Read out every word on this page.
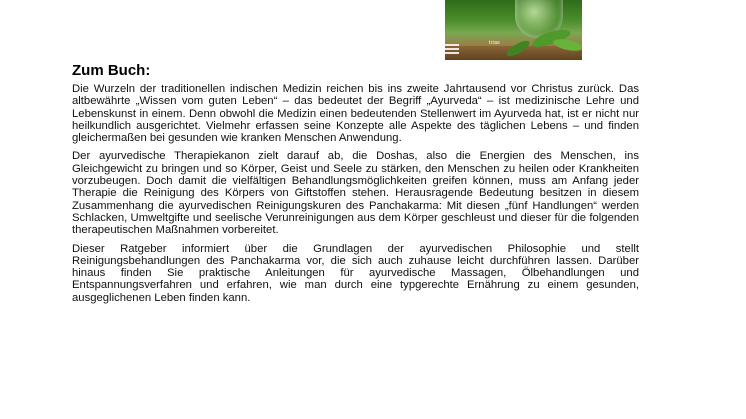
trias
Zum Buch:

Die Wurzeln der traditionellen indischen Medizin reichen bis ins zweite Jahrtausend vor Christus zurück. Das altbewährte „Wissen vom guten Leben“ – das bedeutet der Begriff „Ayurveda“ – ist medizinische Lehre und Lebenskunst in einem. Denn obwohl die Medizin einen bedeutenden Stellenwert im Ayurveda hat, ist er nicht nur heilkundlich ausgerichtet. Vielmehr erfassen seine Konzepte alle Aspekte des täglichen Lebens – und finden gleichermaßen bei gesunden wie kranken Menschen Anwendung.

Der ayurvedische Therapiekanon zielt darauf ab, die Doshas, also die Energien des Menschen, ins Gleichgewicht zu bringen und so Körper, Geist und Seele zu stärken, den Menschen zu heilen oder Krankheiten vorzubeugen. Doch damit die vielfältigen Behandlungsmöglichkeiten greifen können, muss am Anfang jeder Therapie die Reinigung des Körpers von Giftstoffen stehen. Herausragende Bedeutung besitzen in diesem Zusammenhang die ayurvedischen Reinigungskuren des Panchakarma: Mit diesen „fünf Handlungen“ werden Schlacken, Umweltgifte und seelische Verunreinigungen aus dem Körper geschleust und dieser für die folgenden therapeutischen Maßnahmen vorbereitet.

Dieser Ratgeber informiert über die Grundlagen der ayurvedischen Philosophie und stellt Reinigungsbehandlungen des Panchakarma vor, die sich auch zuhause leicht durchführen lassen. Darüber hinaus finden Sie praktische Anleitungen für ayurvedische Massagen, Ölbehandlungen und Entspannungsverfahren und erfahren, wie man durch eine typgerechte Ernährung zu einem gesunden, ausgeglichenen Leben finden kann.
